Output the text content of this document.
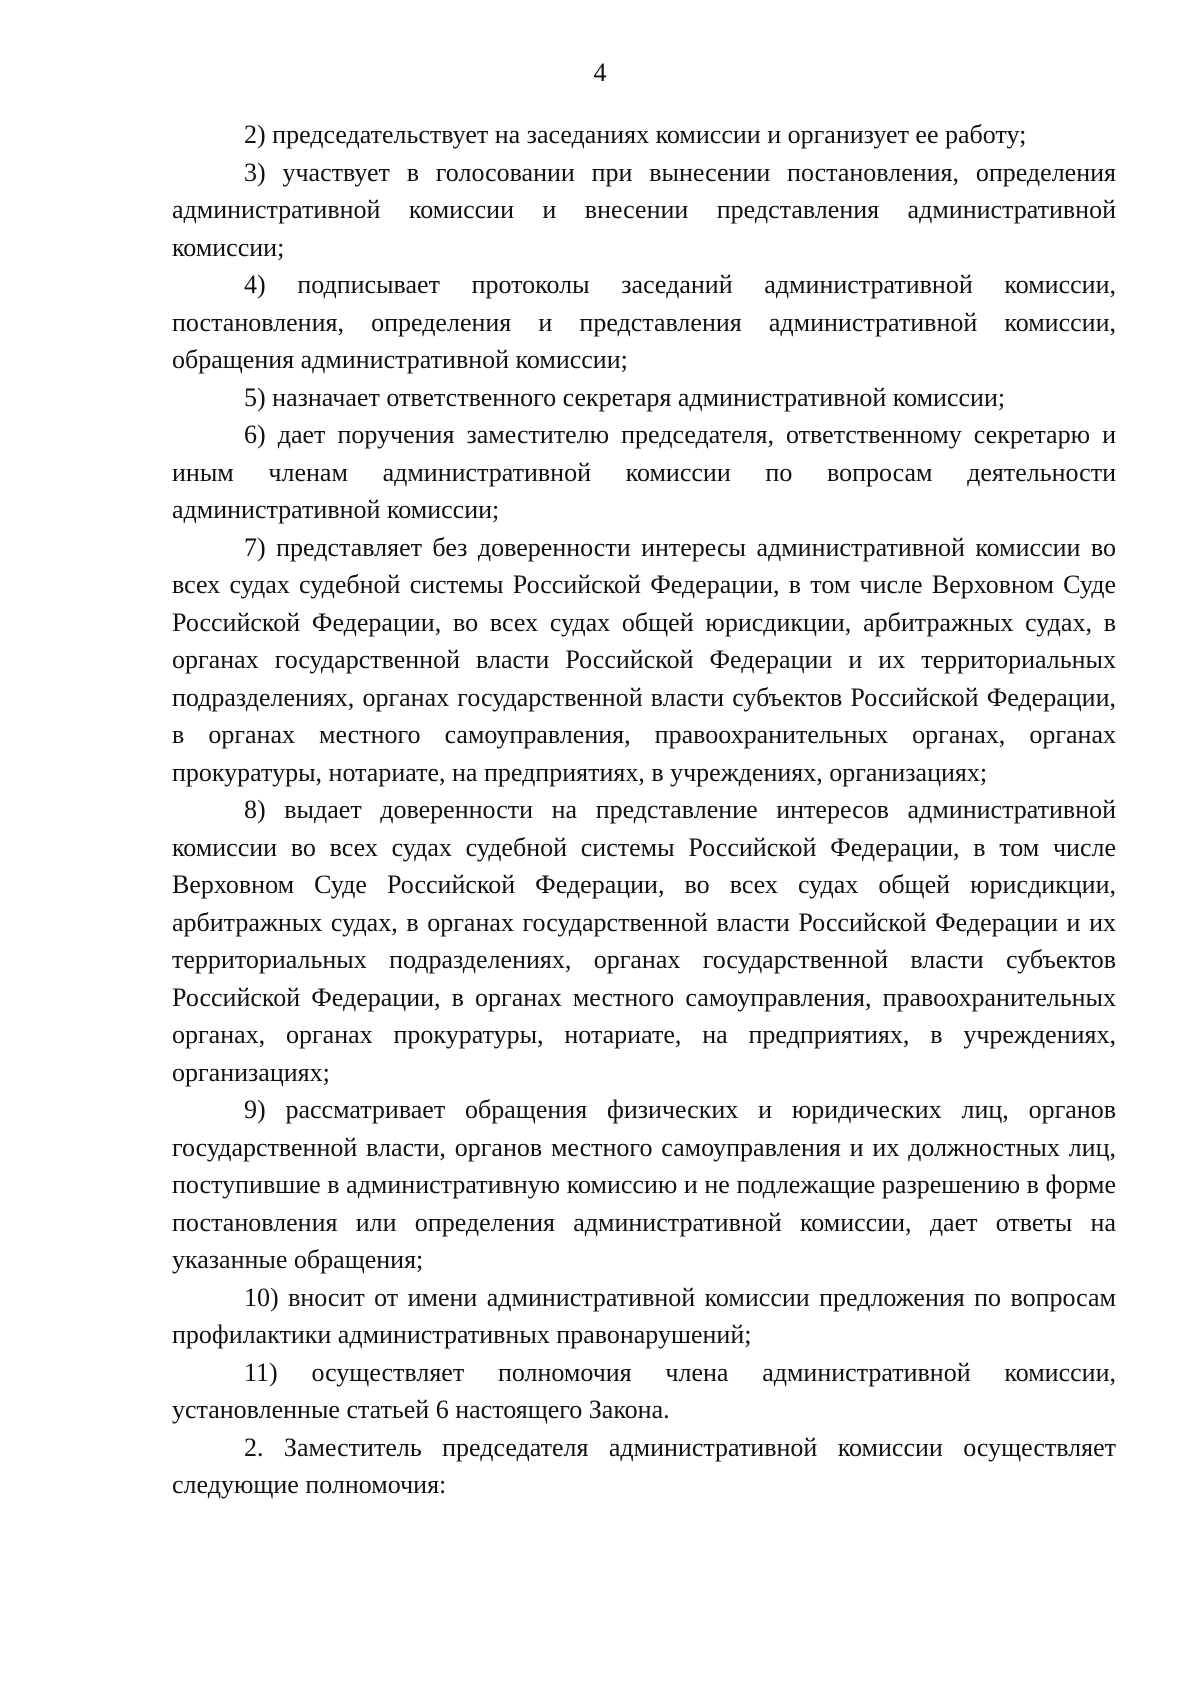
4

2) председательствует на заседаниях комиссии и организует ее работу;

3) участвует в голосовании при вынесении постановления, определения административной комиссии и внесении представления административной комиссии;

4) подписывает протоколы заседаний административной комиссии, постановления, определения и представления административной комиссии, обращения административной комиссии;

5) назначает ответственного секретаря административной комиссии;

6) дает поручения заместителю председателя, ответственному секретарю и иным членам административной комиссии по вопросам деятельности административной комиссии;

7) представляет без доверенности интересы административной комиссии во всех судах судебной системы Российской Федерации, в том числе Верховном Суде Российской Федерации, во всех судах общей юрисдикции, арбитражных судах, в органах государственной власти Российской Федерации и их территориальных подразделениях, органах государственной власти субъектов Российской Федерации, в органах местного самоуправления, правоохранительных органах, органах прокуратуры, нотариате, на предприятиях, в учреждениях, организациях;

8) выдает доверенности на представление интересов административной комиссии во всех судах судебной системы Российской Федерации, в том числе Верховном Суде Российской Федерации, во всех судах общей юрисдикции, арбитражных судах, в органах государственной власти Российской Федерации и их территориальных подразделениях, органах государственной власти субъектов Российской Федерации, в органах местного самоуправления, правоохранительных органах, органах прокуратуры, нотариате, на предприятиях, в учреждениях, организациях;

9) рассматривает обращения физических и юридических лиц, органов государственной власти, органов местного самоуправления и их должностных лиц, поступившие в административную комиссию и не подлежащие разрешению в форме постановления или определения административной комиссии, дает ответы на указанные обращения;

10) вносит от имени административной комиссии предложения по вопросам профилактики административных правонарушений;

11) осуществляет полномочия члена административной комиссии, установленные статьей 6 настоящего Закона.

2. Заместитель председателя административной комиссии осуществляет следующие полномочия:
